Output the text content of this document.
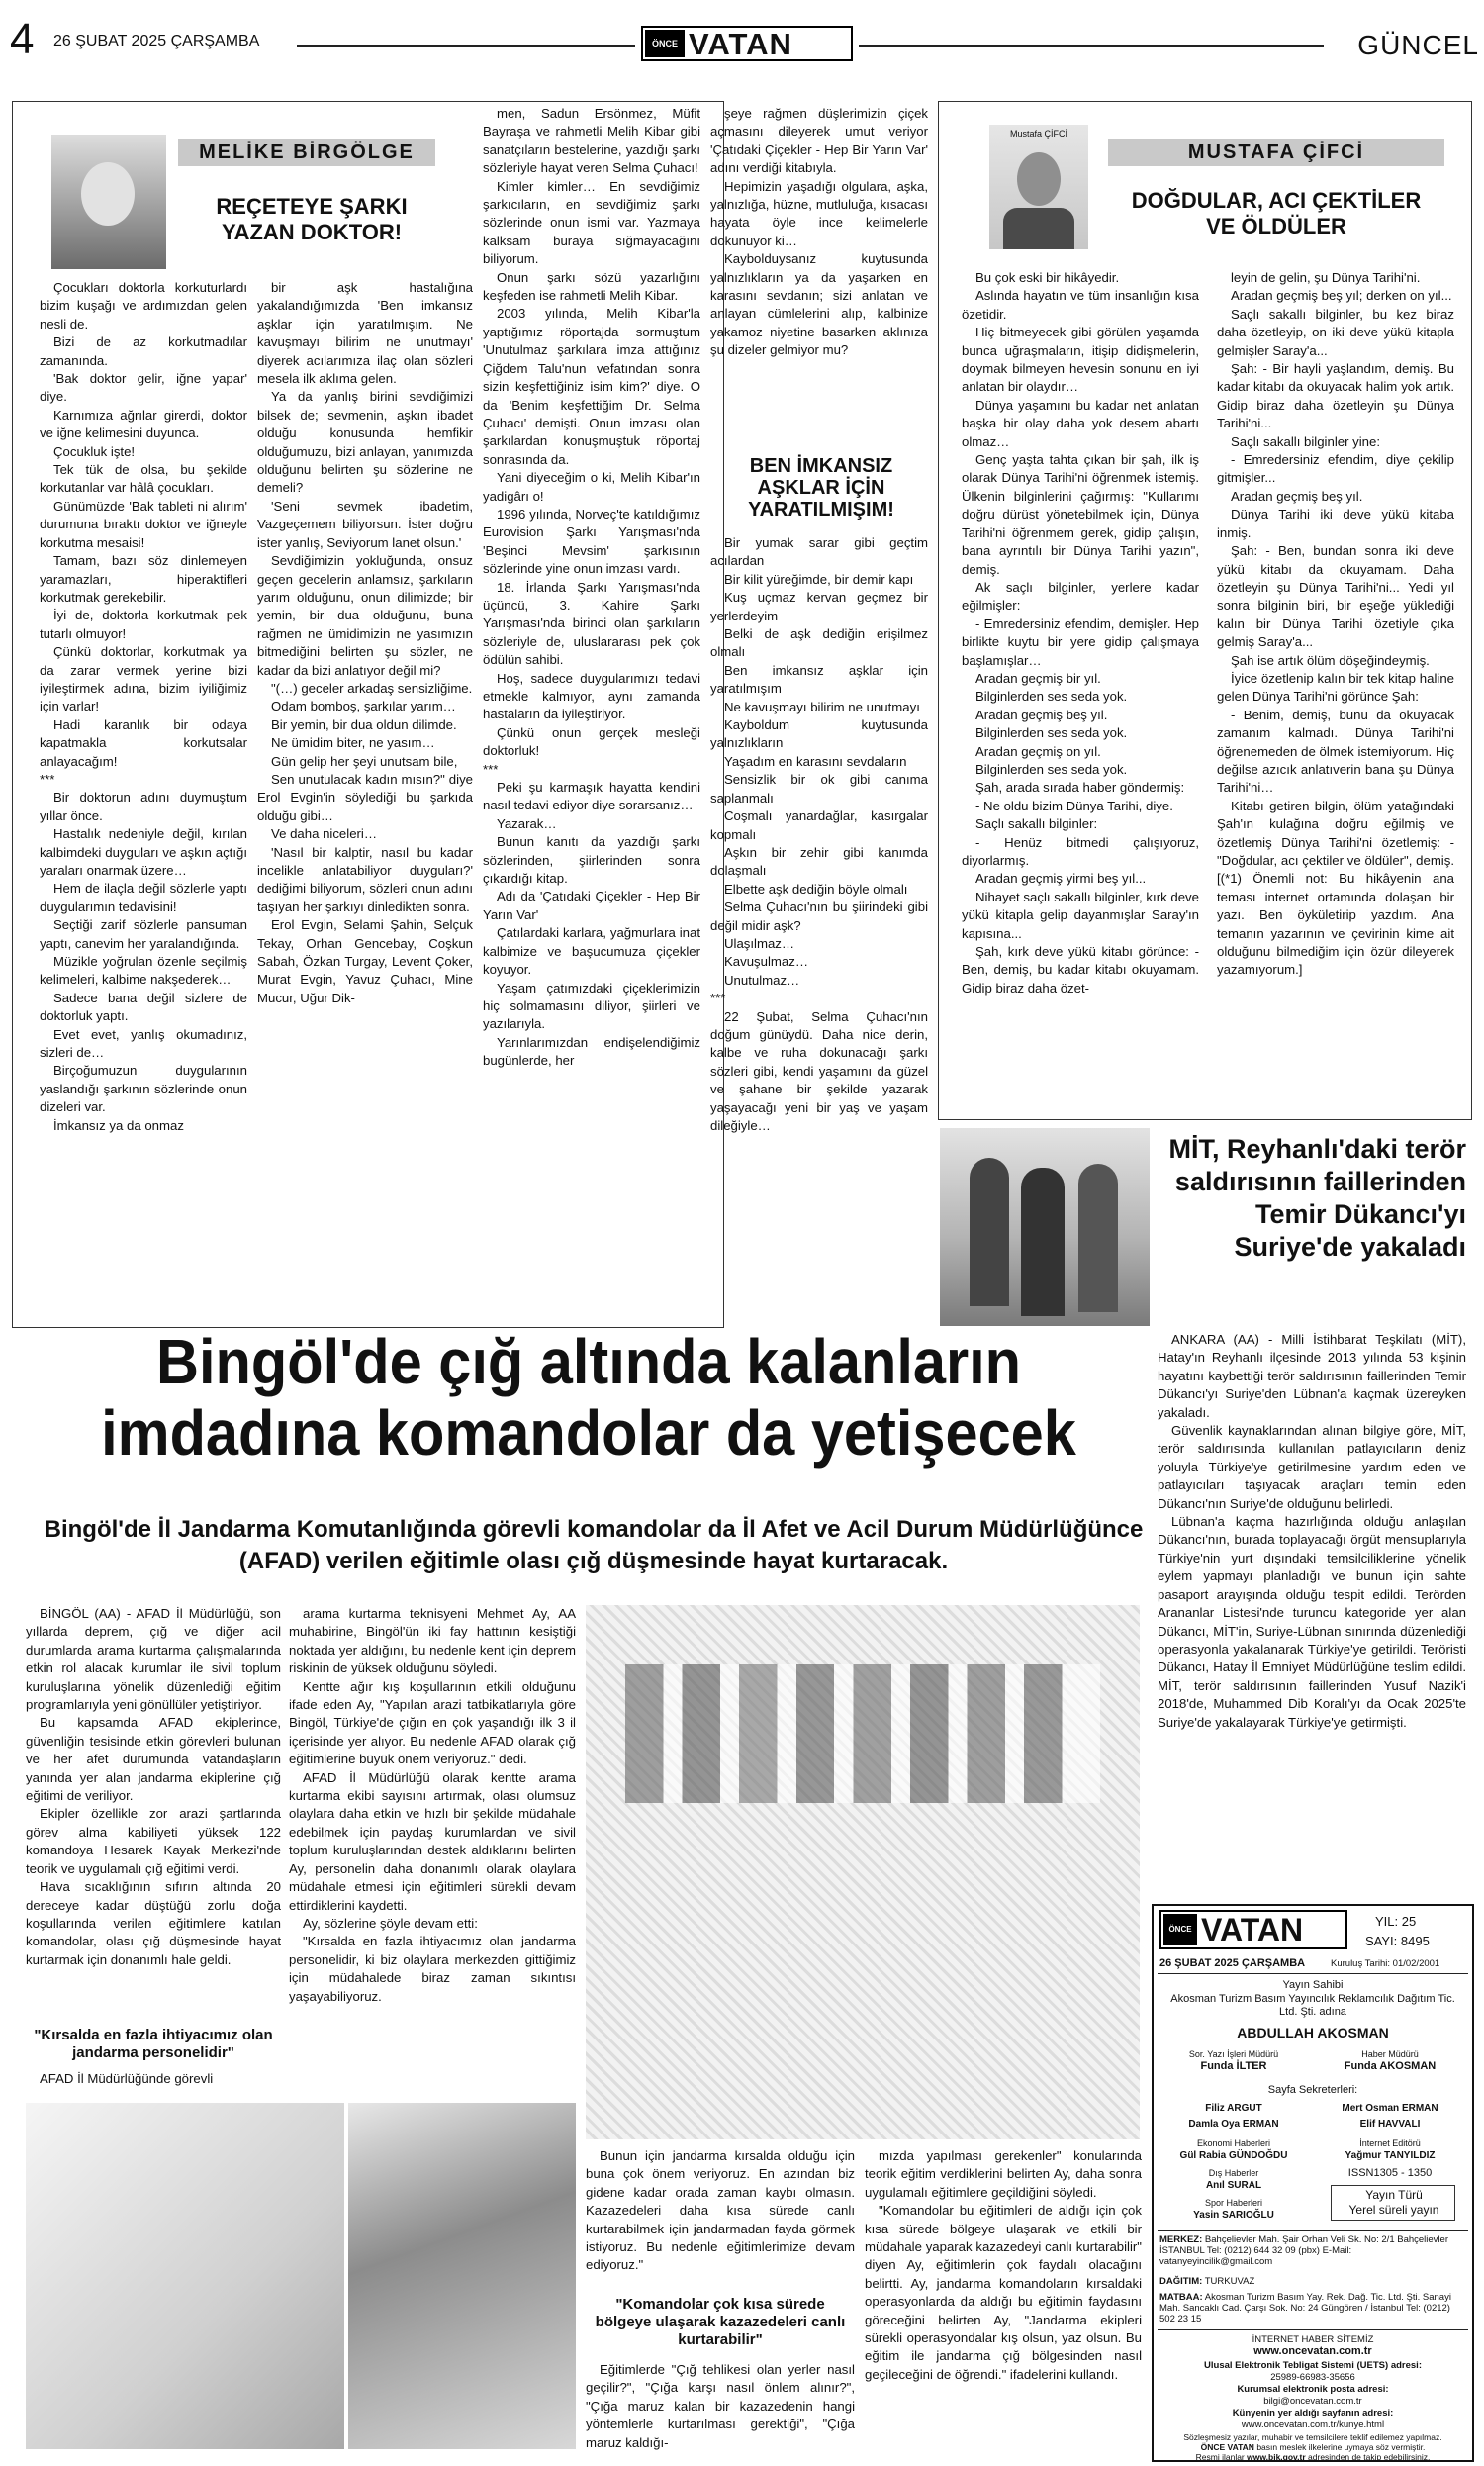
4 26 ŞUBAT 2025 ÇARŞAMBA	ÖNCE VATAN	GÜNCEL
MELİKE BİRGÖLGE
REÇETEYE ŞARKI YAZAN DOKTOR!

Çocukları doktorla korkuturlardı bizim kuşağı ve ardımızdan gelen nesli de.

Bizi de az korkutmadılar zamanında.

'Bak doktor gelir, iğne yapar' diye.

Karnımıza ağrılar girerdi, doktor ve iğne kelimesini duyunca.

Çocukluk işte!

Tek tük de olsa, bu şekilde korkutanlar var hâlâ çocukları.

Günümüzde 'Bak tableti ni alırım' durumuna bıraktı doktor ve iğneyle korkutma mesaisi!

Tamam, bazı söz dinlemeyen yaramazları, hiperaktifleri korkutmak gerekebilir.

İyi de, doktorla korkutmak pek tutarlı olmuyor!

Çünkü doktorlar, korkutmak ya da zarar vermek yerine bizi iyileştirmek adına, bizim iyiliğimiz için varlar!

Hadi karanlık bir odaya kapatmakla korkutsalar anlayacağım!

***

Bir doktorun adını duymuştum yıllar önce.

Hastalık nedeniyle değil, kırılan kalbimdeki duyguları ve aşkın açtığı yaraları onarmak üzere…

Hem de ilaçla değil sözlerle yaptı duygularımın tedavisini!

Seçtiği zarif sözlerle pansuman yaptı, canevim her yaralandığında.

Müzikle yoğrulan özenle seçilmiş kelimeleri, kalbime nakşederek…

Sadece bana değil sizlere de doktorluk yaptı.

Evet evet, yanlış okumadınız, sizleri de…

Birçoğumuzun duygularının yaslandığı şarkının sözlerinde onun dizeleri var.

İmkansız ya da onmaz

bir aşk hastalığına yakalandığımızda 'Ben imkansız aşklar için yaratılmışım. Ne kavuşmayı bilirim ne unutmayı' diyerek acılarımıza ilaç olan sözleri mesela ilk aklıma gelen.

Ya da yanlış birini sevdiğimizi bilsek de; sevmenin, aşkın ibadet olduğu konusunda hemfikir olduğumuzu, bizi anlayan, yanımızda olduğunu belirten şu sözlerine ne demeli?

'Seni sevmek ibadetim, Vazgeçemem biliyorsun. İster doğru ister yanlış, Seviyorum lanet olsun.'

Sevdiğimizin yokluğunda, onsuz geçen gecelerin anlamsız, şarkıların yarım olduğunu, onun dilimizde; bir yemin, bir dua olduğunu, buna rağmen ne ümidimizin ne yasımızın bitmediğini belirten şu sözler, ne kadar da bizi anlatıyor değil mi?

"(…) geceler arkadaş sensizliğime.

Odam bomboş, şarkılar yarım…

Bir yemin, bir dua oldun dilimde.

Ne ümidim biter, ne yasım…

Gün gelip her şeyi unutsam bile,

Sen unutulacak kadın mısın?" diye Erol Evgin'in söylediği bu şarkıda olduğu gibi…

Ve daha niceleri…

'Nasıl bir kalptir, nasıl bu kadar incelikle anlatabiliyor duyguları?' dediğimi biliyorum, sözleri onun adını taşıyan her şarkıyı dinledikten sonra.

Erol Evgin, Selami Şahin, Selçuk Tekay, Orhan Gencebay, Coşkun Sabah, Özkan Turgay, Levent Çoker, Murat Evgin, Yavuz Çuhacı, Mine Mucur, Uğur Dik-

men, Sadun Ersönmez, Müfit Bayraşa ve rahmetli Melih Kibar gibi sanatçıların bestelerine, yazdığı şarkı sözleriyle hayat veren Selma Çuhacı!

Kimler kimler… En sevdiğimiz şarkıcıların, en sevdiğimiz şarkı sözlerinde onun ismi var. Yazmaya kalksam buraya sığmayacağını biliyorum.

Onun şarkı sözü yazarlığını keşfeden ise rahmetli Melih Kibar.

2003 yılında, Melih Kibar'la yaptığımız röportajda sormuştum 'Unutulmaz şarkılara imza attığınız Çiğdem Talu'nun vefatından sonra sizin keşfettiğiniz isim kim?' diye. O da 'Benim keşfettiğim Dr. Selma Çuhacı' demişti. Onun imzası olan şarkılardan konuşmuştuk röportaj sonrasında da.

Yani diyeceğim o ki, Melih Kibar'ın yadigârı o!

1996 yılında, Norveç'te katıldığımız Eurovision Şarkı Yarışması'nda 'Beşinci Mevsim' şarkısının sözlerinde yine onun imzası vardı.

18. İrlanda Şarkı Yarışması'nda üçüncü, 3. Kahire Şarkı Yarışması'nda birinci olan şarkıların sözleriyle de, uluslararası pek çok ödülün sahibi.

Hoş, sadece duygularımızı tedavi etmekle kalmıyor, aynı zamanda hastaların da iyileştiriyor.

Çünkü onun gerçek mesleği doktorluk!

***

Peki şu karmaşık hayatta kendini nasıl tedavi ediyor diye sorarsanız…

Yazarak…

Bunun kanıtı da yazdığı şarkı sözlerinden, şiirlerinden sonra çıkardığı kitap.

Adı da 'Çatıdaki Çiçekler - Hep Bir Yarın Var'

Çatılardaki karlara, yağmurlara inat kalbimize ve başucumuza çiçekler koyuyor.

Yaşam çatımızdaki çiçeklerimizin hiç solmamasını diliyor, şiirleri ve yazılarıyla.

Yarınlarımızdan endişelendiğimiz bugünlerde, her

şeye rağmen düşlerimizin çiçek açmasını dileyerek umut veriyor 'Çatıdaki Çiçekler - Hep Bir Yarın Var' adını verdiği kitabıyla.

Hepimizin yaşadığı olgulara, aşka, yalnızlığa, hüzne, mutluluğa, kısacası hayata öyle ince kelimelerle dokunuyor ki…

Kaybolduysanız kuytusunda yalnızlıkların ya da yaşarken en karasını sevdanın; sizi anlatan ve anlayan cümlelerini alıp, kalbinize yakamoz niyetine basarken aklınıza şu dizeler gelmiyor mu?

BEN İMKANSIZ AŞKLAR İÇİN YARATILMIŞIM!

Bir yumak sarar gibi geçtim acılardan

Bir kilit yüreğimde, bir demir kapı

Kuş uçmaz kervan geçmez bir yerlerdeyim

Belki de aşk dediğin erişilmez olmalı

Ben imkansız aşklar için yaratılmışım

Ne kavuşmayı bilirim ne unutmayı

Kayboldum kuytusunda yalnızlıkların

Yaşadım en karasını sevdaların

Sensizlik bir ok gibi canıma saplanmalı

Coşmalı yanardağlar, kasırgalar kopmalı

Aşkın bir zehir gibi kanımda dolaşmalı

Elbette aşk dediğin böyle olmalı

Selma Çuhacı'nın bu şiirindeki gibi değil midir aşk?

Ulaşılmaz…

Kavuşulmaz…

Unutulmaz…

***

22 Şubat, Selma Çuhacı'nın doğum günüydü. Daha nice derin, kalbe ve ruha dokunacağı şarkı sözleri gibi, kendi yaşamını da güzel ve şahane bir şekilde yazarak yaşayacağı yeni bir yaş ve yaşam dileğiyle…

Mustafa ÇİFCİ
MUSTAFA ÇİFCİ
DOĞDULAR, ACI ÇEKTİLER VE ÖLDÜLER

Bu çok eski bir hikâyedir.

Aslında hayatın ve tüm insanlığın kısa özetidir.

Hiç bitmeyecek gibi görülen yaşamda bunca uğraşmaların, itişip didişmelerin, doymak bilmeyen hevesin sonunu en iyi anlatan bir olaydır…

Dünya yaşamını bu kadar net anlatan başka bir olay daha yok desem abartı olmaz…

Genç yaşta tahta çıkan bir şah, ilk iş olarak Dünya Tarihi'ni öğrenmek istemiş. Ülkenin bilginlerini çağırmış: "Kullarımı doğru dürüst yönetebilmek için, Dünya Tarihi'ni öğrenmem gerek, gidip çalışın, bana ayrıntılı bir Dünya Tarihi yazın", demiş.

Ak saçlı bilginler, yerlere kadar eğilmişler:

- Emredersiniz efendim, demişler. Hep birlikte kuytu bir yere gidip çalışmaya başlamışlar…

Aradan geçmiş bir yıl.

Bilginlerden ses seda yok.

Aradan geçmiş beş yıl.

Bilginlerden ses seda yok.

Aradan geçmiş on yıl.

Bilginlerden ses seda yok.

Şah, arada sırada haber göndermiş:

- Ne oldu bizim Dünya Tarihi, diye.

Saçlı sakallı bilginler:

- Henüz bitmedi çalışıyoruz, diyorlarmış.

Aradan geçmiş yirmi beş yıl...

Nihayet saçlı sakallı bilginler, kırk deve yükü kitapla gelip dayanmışlar Saray'ın kapısına...

Şah, kırk deve yükü kitabı görünce: -Ben, demiş, bu kadar kitabı okuyamam. Gidip biraz daha özet-

leyin de gelin, şu Dünya Tarihi'ni.

Aradan geçmiş beş yıl; derken on yıl...

Saçlı sakallı bilginler, bu kez biraz daha özetleyip, on iki deve yükü kitapla gelmişler Saray'a...

Şah: - Bir hayli yaşlandım, demiş. Bu kadar kitabı da okuyacak halim yok artık. Gidip biraz daha özetleyin şu Dünya Tarihi'ni...

Saçlı sakallı bilginler yine:

- Emredersiniz efendim, diye çekilip gitmişler...

Aradan geçmiş beş yıl.

Dünya Tarihi iki deve yükü kitaba inmiş.

Şah: - Ben, bundan sonra iki deve yükü kitabı da okuyamam. Daha özetleyin şu Dünya Tarihi'ni... Yedi yıl sonra bilginin biri, bir eşeğe yüklediği kalın bir Dünya Tarihi özetiyle çıka gelmiş Saray'a...

Şah ise artık ölüm döşeğindeymiş.

İyice özetlenip kalın bir tek kitap haline gelen Dünya Tarihi'ni görünce Şah:

- Benim, demiş, bunu da okuyacak zamanım kalmadı. Dünya Tarihi'ni öğrenemeden de ölmek istemiyorum. Hiç değilse azıcık anlatıverin bana şu Dünya Tarihi'ni…

Kitabı getiren bilgin, ölüm yatağındaki Şah'ın kulağına doğru eğilmiş ve özetlemiş Dünya Tarihi'ni özetlemiş: - "Doğdular, acı çektiler ve öldüler", demiş. [(*1) Önemli not: Bu hikâyenin ana teması internet ortamında dolaşan bir yazı. Ben öykületirip yazdım. Ana temanın yazarının ve çevirinin kime ait olduğunu bilmediğim için özür dileyerek yazamıyorum.]

MİT, Reyhanlı'daki terör saldırısının faillerinden Temir Dükancı'yı Suriye'de yakaladı

ANKARA (AA) - Milli İstihbarat Teşkilatı (MİT), Hatay'ın Reyhanlı ilçesinde 2013 yılında 53 kişinin hayatını kaybettiği terör saldırısının faillerinden Temir Dükancı'yı Suriye'den Lübnan'a kaçmak üzereyken yakaladı.

Güvenlik kaynaklarından alınan bilgiye göre, MİT, terör saldırısında kullanılan patlayıcıların deniz yoluyla Türkiye'ye getirilmesine yardım eden ve patlayıcıları taşıyacak araçları temin eden Dükancı'nın Suriye'de olduğunu belirledi.

Lübnan'a kaçma hazırlığında olduğu anlaşılan Dükancı'nın, burada toplayacağı örgüt mensuplarıyla Türkiye'nin yurt dışındaki temsilciliklerine yönelik eylem yapmayı planladığı ve bunun için sahte pasaport arayışında olduğu tespit edildi. Terörden Arananlar Listesi'nde turuncu kategoride yer alan Dükancı, MİT'in, Suriye-Lübnan sınırında düzenlediği operasyonla yakalanarak Türkiye'ye getirildi. Teröristi Dükancı, Hatay İl Emniyet Müdürlüğüne teslim edildi. MİT, terör saldırısının faillerinden Yusuf Nazik'i 2018'de, Muhammed Dib Koralı'yı da Ocak 2025'te Suriye'de yakalayarak Türkiye'ye getirmişti.

Bingöl'de çığ altında kalanların
imdadına komandolar da yetişecek
Bingöl'de İl Jandarma Komutanlığında görevli komandolar da İl Afet ve Acil Durum Müdürlüğünce (AFAD) verilen eğitimle olası çığ düşmesinde hayat kurtaracak.

BİNGÖL (AA) - AFAD İl Müdürlüğü, son yıllarda deprem, çığ ve diğer acil durumlarda arama kurtarma çalışmalarında etkin rol alacak kurumlar ile sivil toplum kuruluşlarına yönelik düzenlediği eğitim programlarıyla yeni gönüllüler yetiştiriyor.

Bu kapsamda AFAD ekiplerince, güvenliğin tesisinde etkin görevleri bulunan ve her afet durumunda vatandaşların yanında yer alan jandarma ekiplerine çığ eğitimi de veriliyor.

Ekipler özellikle zor arazi şartlarında görev alma kabiliyeti yüksek 122 komandoya Hesarek Kayak Merkezi'nde teorik ve uygulamalı çığ eğitimi verdi.

Hava sıcaklığının sıfırın altında 20 dereceye kadar düştüğü zorlu doğa koşullarında verilen eğitimlere katılan komandolar, olası çığ düşmesinde hayat kurtarmak için donanımlı hale geldi.

"Kırsalda en fazla ihtiyacımız olan jandarma personelidir"

AFAD İl Müdürlüğünde görevli

arama kurtarma teknisyeni Mehmet Ay, AA muhabirine, Bingöl'ün iki fay hattının kesiştiği noktada yer aldığını, bu nedenle kent için deprem riskinin de yüksek olduğunu söyledi.

Kentte ağır kış koşullarının etkili olduğunu ifade eden Ay, "Yapılan arazi tatbikatlarıyla göre Bingöl, Türkiye'de çığın en çok yaşandığı ilk 3 il içerisinde yer alıyor. Bu nedenle AFAD olarak çığ eğitimlerine büyük önem veriyoruz." dedi.

AFAD İl Müdürlüğü olarak kentte arama kurtarma ekibi sayısını artırmak, olası olumsuz olaylara daha etkin ve hızlı bir şekilde müdahale edebilmek için paydaş kurumlardan ve sivil toplum kuruluşlarından destek aldıklarını belirten Ay, personelin daha donanımlı olarak olaylara müdahale etmesi için eğitimleri sürekli devam ettirdiklerini kaydetti.

Ay, sözlerine şöyle devam etti:

"Kırsalda en fazla ihtiyacımız olan jandarma personelidir, ki biz olaylara merkezden gittiğimiz için müdahalede biraz zaman sıkıntısı yaşayabiliyoruz.

Bunun için jandarma kırsalda olduğu için buna çok önem veriyoruz. En azından biz gidene kadar orada zaman kaybı olmasın. Kazazedeleri daha kısa sürede canlı kurtarabilmek için jandarmadan fayda görmek istiyoruz. Bu nedenle eğitimlerimize devam ediyoruz."

"Komandolar çok kısa sürede bölgeye ulaşarak kazazedeleri canlı kurtarabilir"

Eğitimlerde "Çığ tehlikesi olan yerler nasıl geçilir?", "Çığa karşı nasıl önlem alınır?", "Çığa maruz kalan bir kazazedenin hangi yöntemlerle kurtarılması gerektiği", "Çığa maruz kaldığı-

mızda yapılması gerekenler" konularında teorik eğitim verdiklerini belirten Ay, daha sonra uygulamalı eğitimlere geçildiğini söyledi.

"Komandolar bu eğitimleri de aldığı için çok kısa sürede bölgeye ulaşarak ve etkili bir müdahale yaparak kazazedeyi canlı kurtarabilir" diyen Ay, eğitimlerin çok faydalı olacağını belirtti. Ay, jandarma komandoların kırsaldaki operasyonlarda da aldığı bu eğitimin faydasını göreceğini belirten Ay, "Jandarma ekipleri sürekli operasyondalar kış olsun, yaz olsun. Bu eğitim ile jandarma çığ bölgesinden nasıl geçileceğini de öğrendi." ifadelerini kullandı.

ÖNCE VATAN	YIL: 25
SAYI: 8495
26 ŞUBAT 2025 ÇARŞAMBA	Kuruluş Tarihi: 01/02/2001
Yayın Sahibi
Akosman Turizm Basım Yayıncılık Reklamcılık Dağıtım Tic. Ltd. Şti. adına
ABDULLAH AKOSMAN
Sor. Yazı İşleri Müdürü
Funda İLTER
Haber Müdürü
Funda AKOSMAN
Sayfa Sekreterleri:
Filiz ARGUT	Mert Osman ERMAN
Damla Oya ERMAN	Elif HAVVALI
Ekonomi Haberleri
Gül Rabia GÜNDOĞDU
İnternet Editörü
Yağmur TANYILDIZ
Dış Haberler
Anıl SURAL
ISSN1305 - 1350
Spor Haberleri
Yasin SARIOĞLU
Yayın Türü
Yerel süreli yayın
MERKEZ: Bahçelievler Mah. Şair Orhan Veli Sk. No: 2/1 Bahçelievler İSTANBUL Tel: (0212) 644 32 09 (pbx) E-Mail: vatanyeyincilik@gmail.com
DAĞITIM: TURKUVAZ
MATBAA: Akosman Turizm Basım Yay. Rek. Dağ. Tic. Ltd. Şti. Sanayi Mah. Sancaklı Cad. Çarşı Sok. No: 24 Güngören / İstanbul Tel: (0212) 502 23 15
İNTERNET HABER SİTEMİZ
www.oncevatan.com.tr
Ulusal Elektronik Tebligat Sistemi (UETS) adresi:
25989-66983-35656
Kurumsal elektronik posta adresi:
bilgi@oncevatan.com.tr
Künyenin yer aldığı sayfanın adresi:
www.oncevatan.com.tr/kunye.html
Sözleşmesiz yazılar, muhabir ve temsilcilere teklif edilemez yapılmaz.
ÖNCE VATAN basın meslek ilkelerine uymaya söz vermiştir.
Resmi ilanlar www.bik.gov.tr adresinden de takip edebilirsiniz.
